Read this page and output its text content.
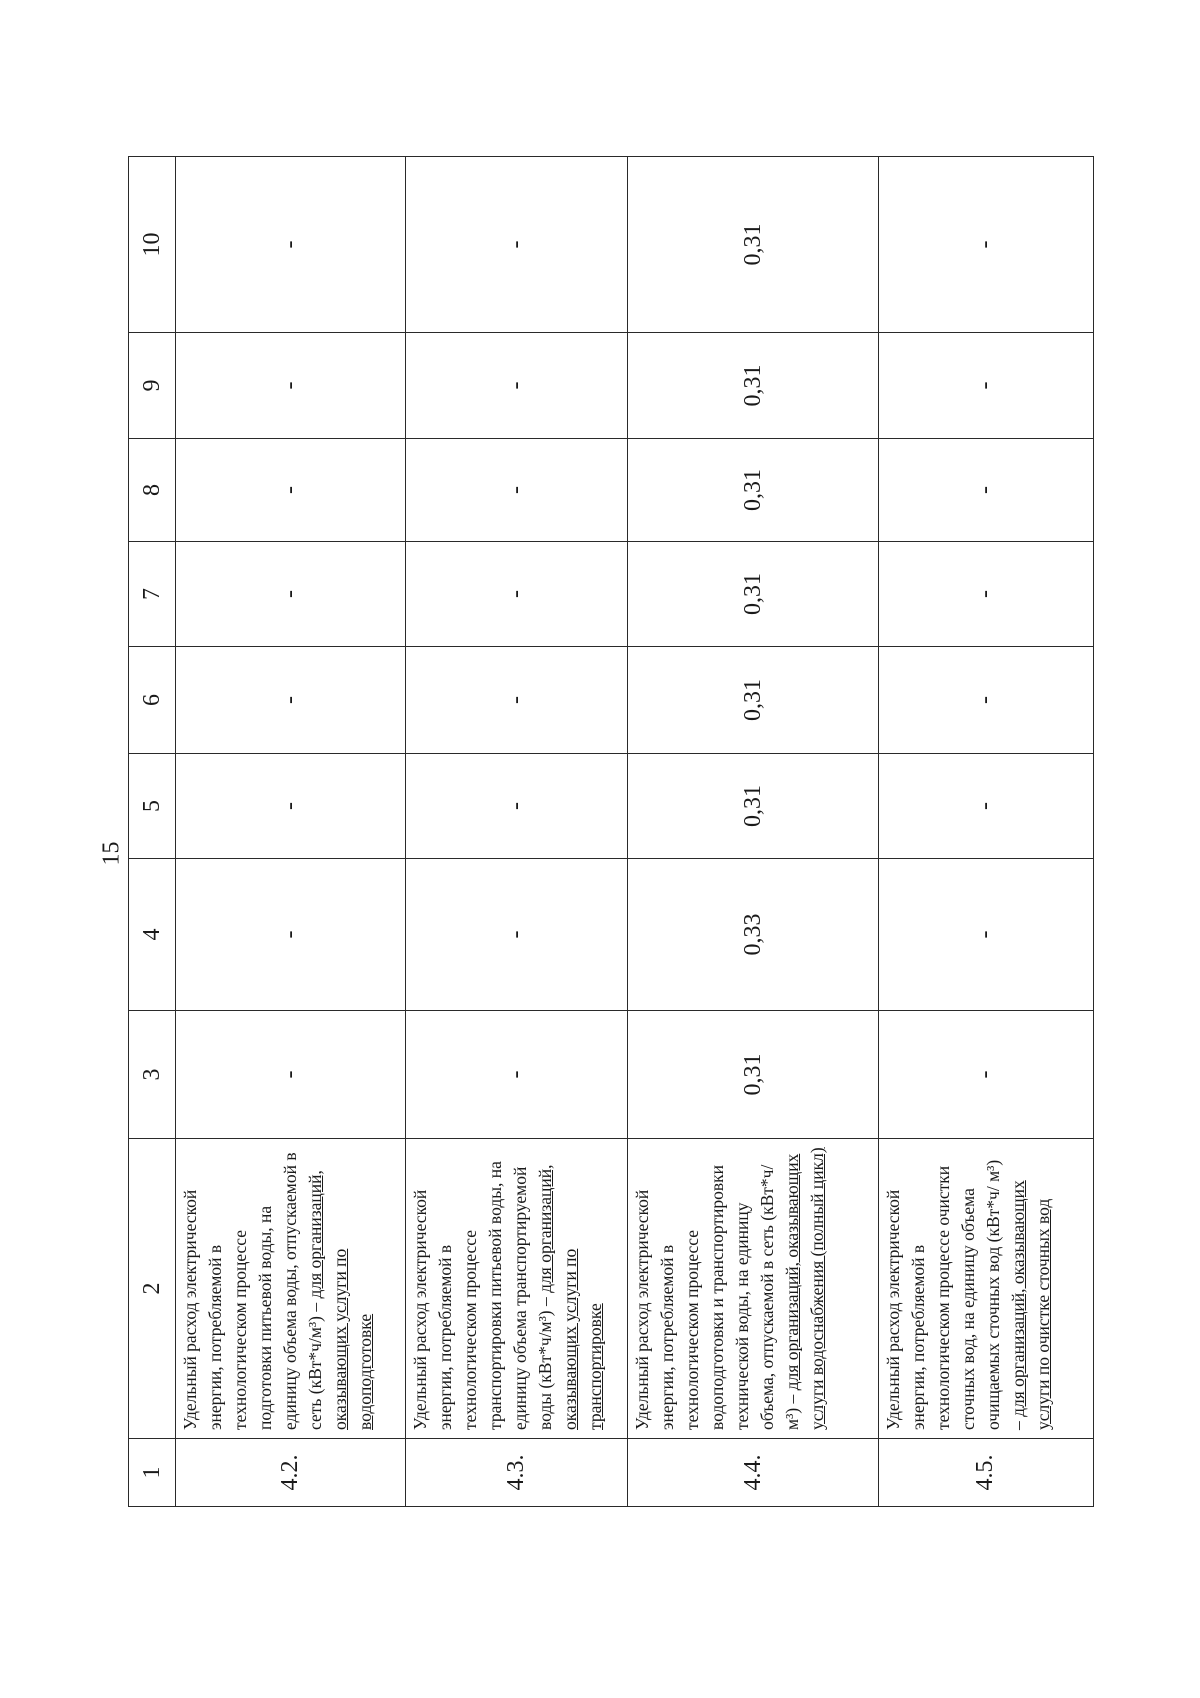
15
1	2	3	4	5	6	7	8	9	10
4.2.	Удельный расход электрической энергии, потребляемой в технологическом процессе подготовки питьевой воды, на единицу объема воды, отпускаемой в сеть (кВт*ч/м³) – для организаций, оказывающих услуги по водоподготовке	-	-	-	-	-	-	-	-
4.3.	Удельный расход электрической энергии, потребляемой в технологическом процессе транспортировки питьевой воды, на единицу объема транспортируемой воды (кВт*ч/м³) – для организаций, оказывающих услуги по транспортировке	-	-	-	-	-	-	-	-
4.4.	Удельный расход электрической энергии, потребляемой в технологическом процессе водоподготовки и транспортировки технической воды, на единицу объема, отпускаемой в сеть (кВт*ч/м³) – для организаций, оказывающих услуги водоснабжения (полный цикл)	0,31	0,33	0,31	0,31	0,31	0,31	0,31	0,31
4.5.	Удельный расход электрической энергии, потребляемой в технологическом процессе очистки сточных вод, на единицу объема очищаемых сточных вод (кВт*ч/ м³) – для организаций, оказывающих услуги по очистке сточных вод	-	-	-	-	-	-	-	-
